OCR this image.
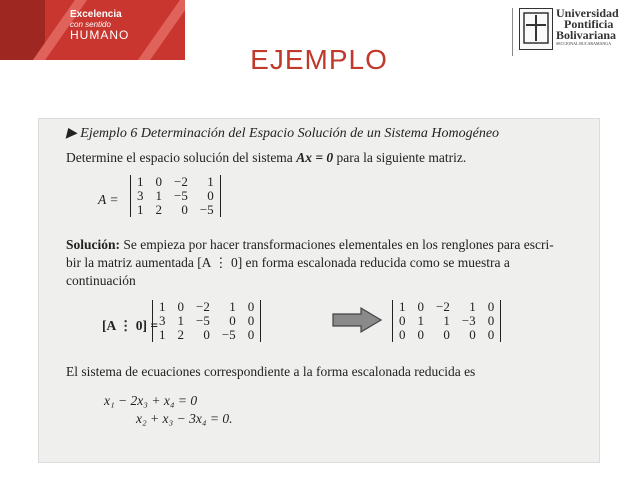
Excelencia
con sentido
HUMANO
Universidad
Pontificia
Bolivariana
SECCIONAL BUCARAMANGA
EJEMPLO
▶ Ejemplo 6 Determinación del Espacio Solución de un Sistema Homogéneo
Determine el espacio solución del sistema Ax = 0 para la siguiente matriz.
A =
1	0	−2	1
3	1	−5	0
1	2	0	−5
Solución: Se empieza por hacer transformaciones elementales en los renglones para escri-
bir la matriz aumentada [A ⋮ 0] en forma escalonada reducida como se muestra a
continuación
[A ⋮ 0] =
1	0	−2	1	0
3	1	−5	0	0
1	2	0	−5	0
1	0	−2	1	0
0	1	1	−3	0
0	0	0	0	0
El sistema de ecuaciones correspondiente a la forma escalonada reducida es
x₁ − 2x₃ + x₄ = 0
x₂ + x₃ − 3x₄ = 0.
